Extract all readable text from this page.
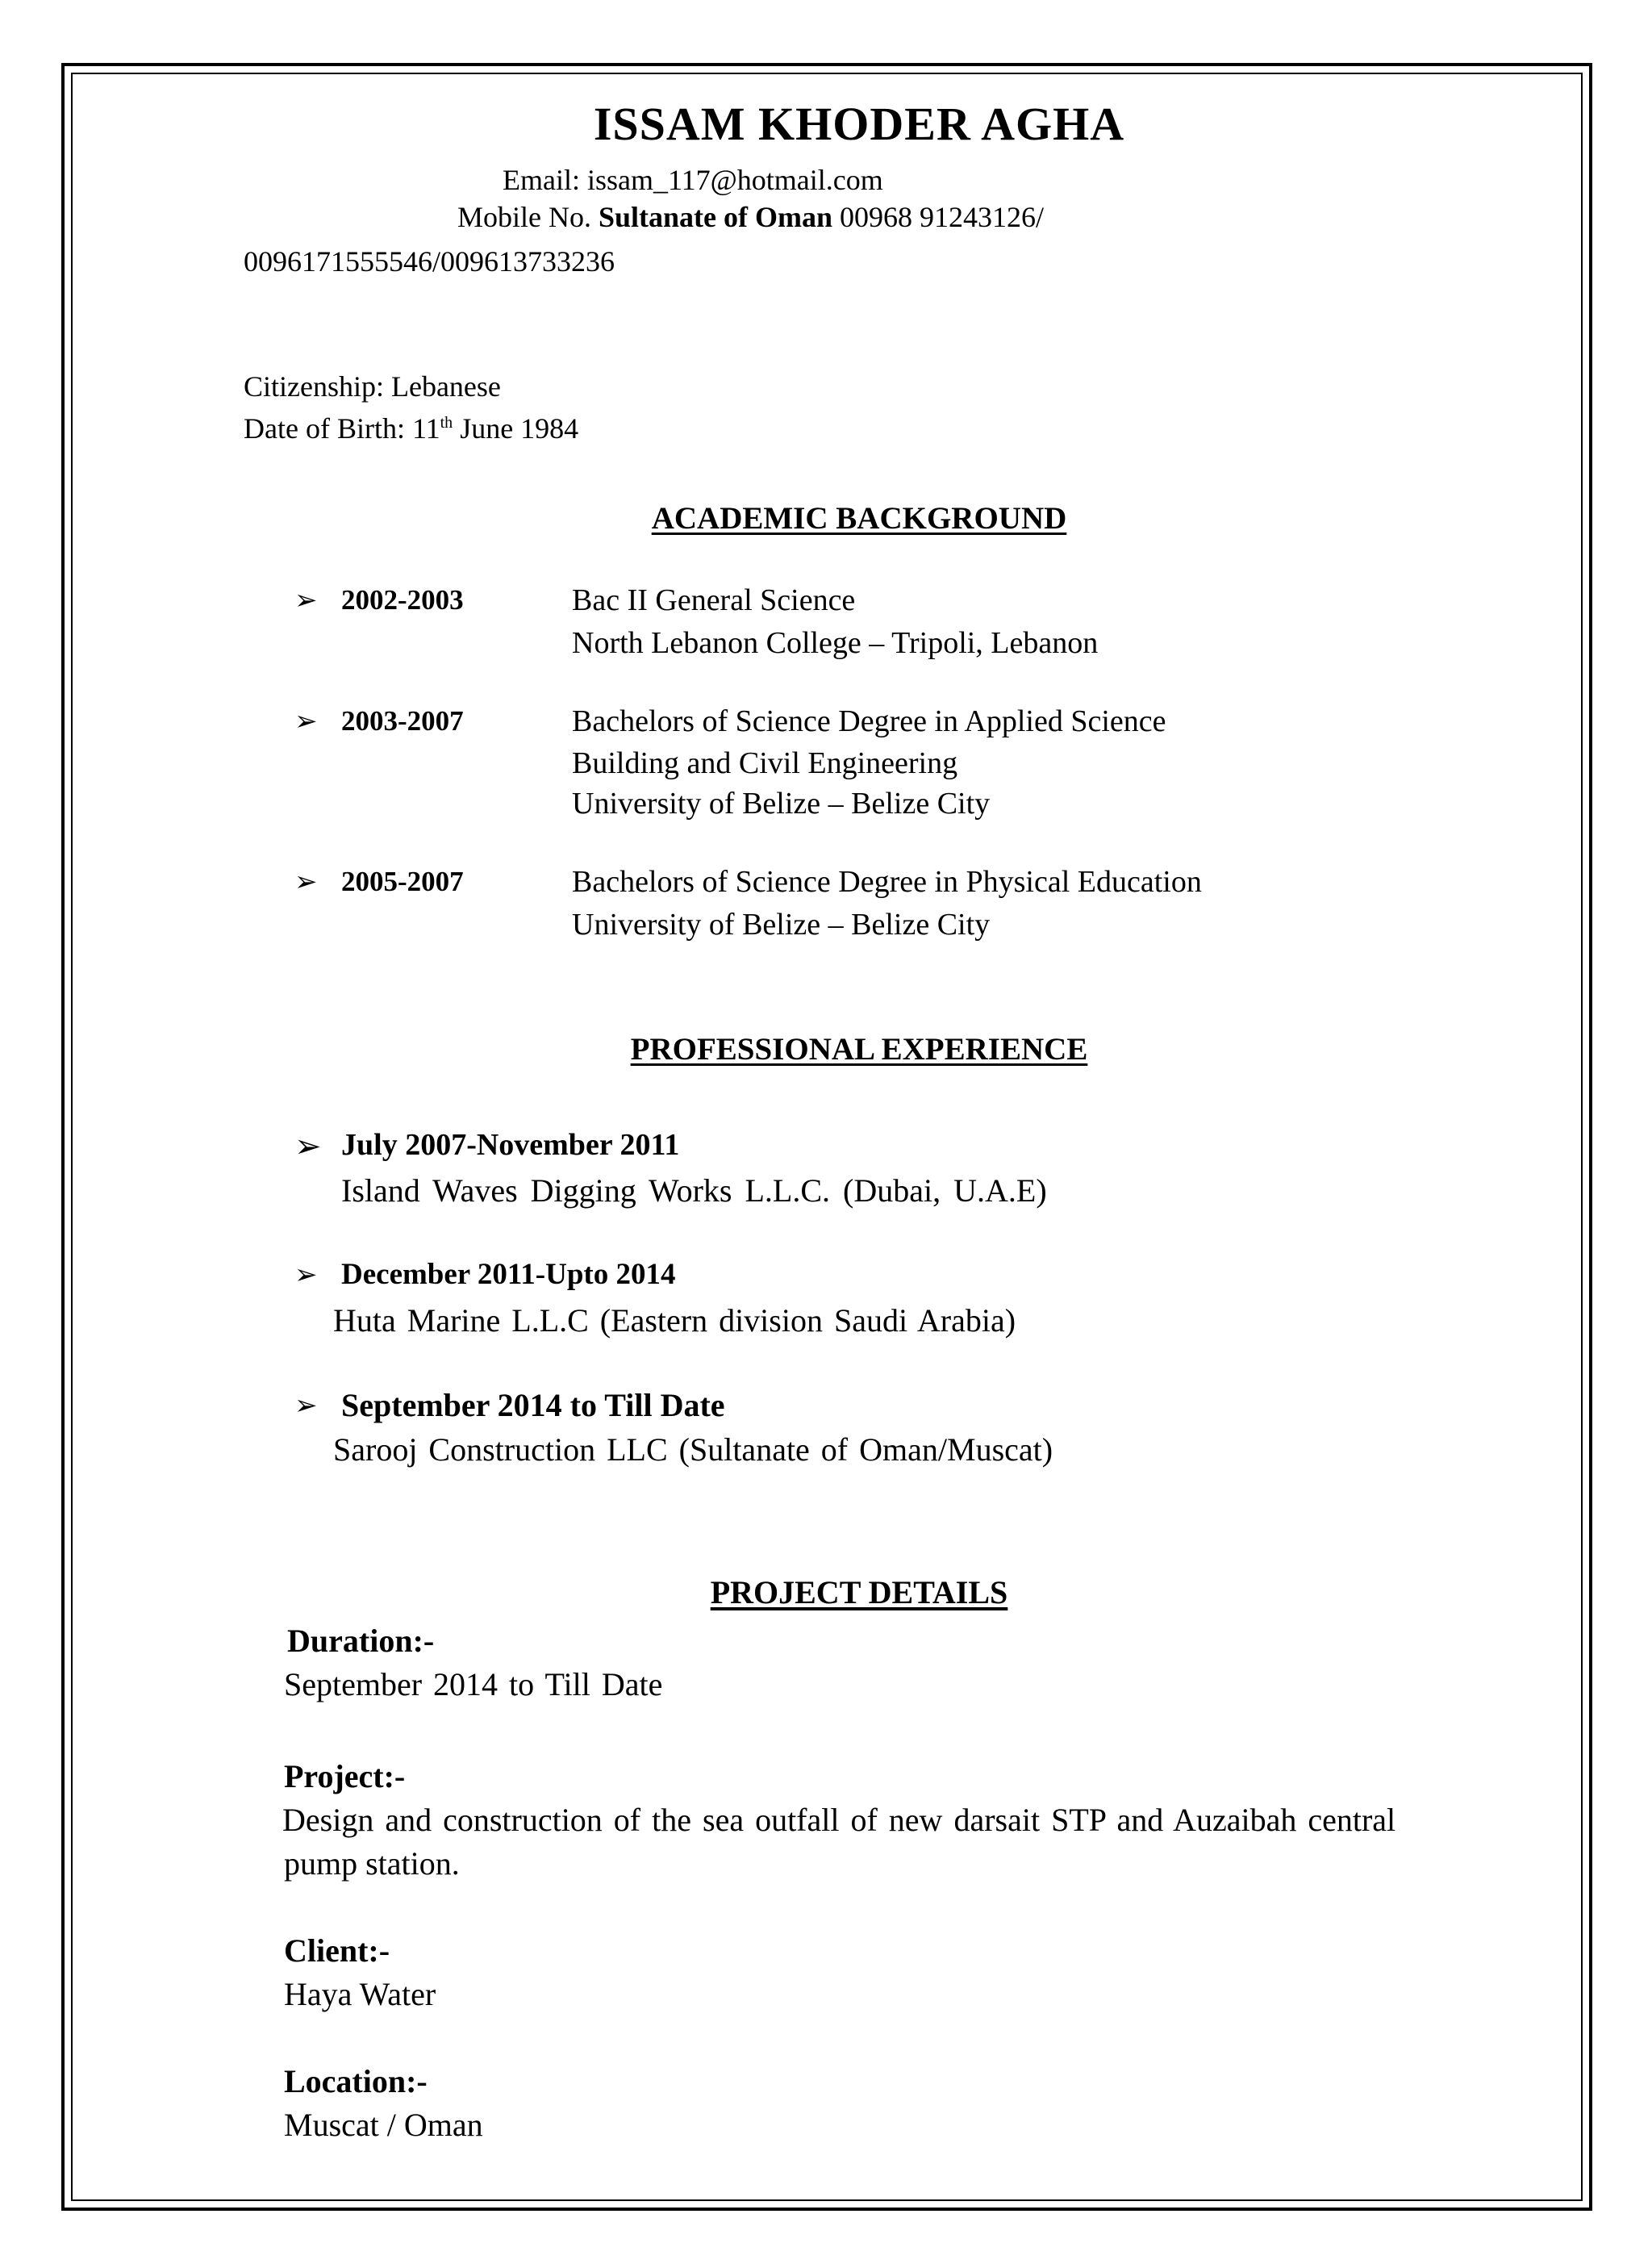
ISSAM KHODER AGHA
Email: issam_117@hotmail.com
Mobile No. Sultanate of Oman 00968 91243126/
0096171555546/009613733236
Citizenship: Lebanese
Date of Birth: 11th June 1984
ACADEMIC BACKGROUND
➢ 2002-2003	Bac II General Science
North Lebanon College – Tripoli, Lebanon
➢ 2003-2007	Bachelors of Science Degree in Applied Science
Building and Civil Engineering
University of Belize – Belize City
➢ 2005-2007	Bachelors of Science Degree in Physical Education
University of Belize – Belize City
PROFESSIONAL EXPERIENCE
➢ July 2007-November 2011
Island Waves Digging Works L.L.C. (Dubai, U.A.E)
➢ December 2011-Upto 2014
Huta Marine L.L.C (Eastern division Saudi Arabia)
➢ September 2014 to Till Date
Sarooj Construction LLC (Sultanate of Oman/Muscat)
PROJECT DETAILS
Duration:-
September 2014 to Till Date
Project:-
Design and construction of the sea outfall of new darsait STP and Auzaibah central
pump station.
Client:-
Haya Water
Location:-
Muscat / Oman
